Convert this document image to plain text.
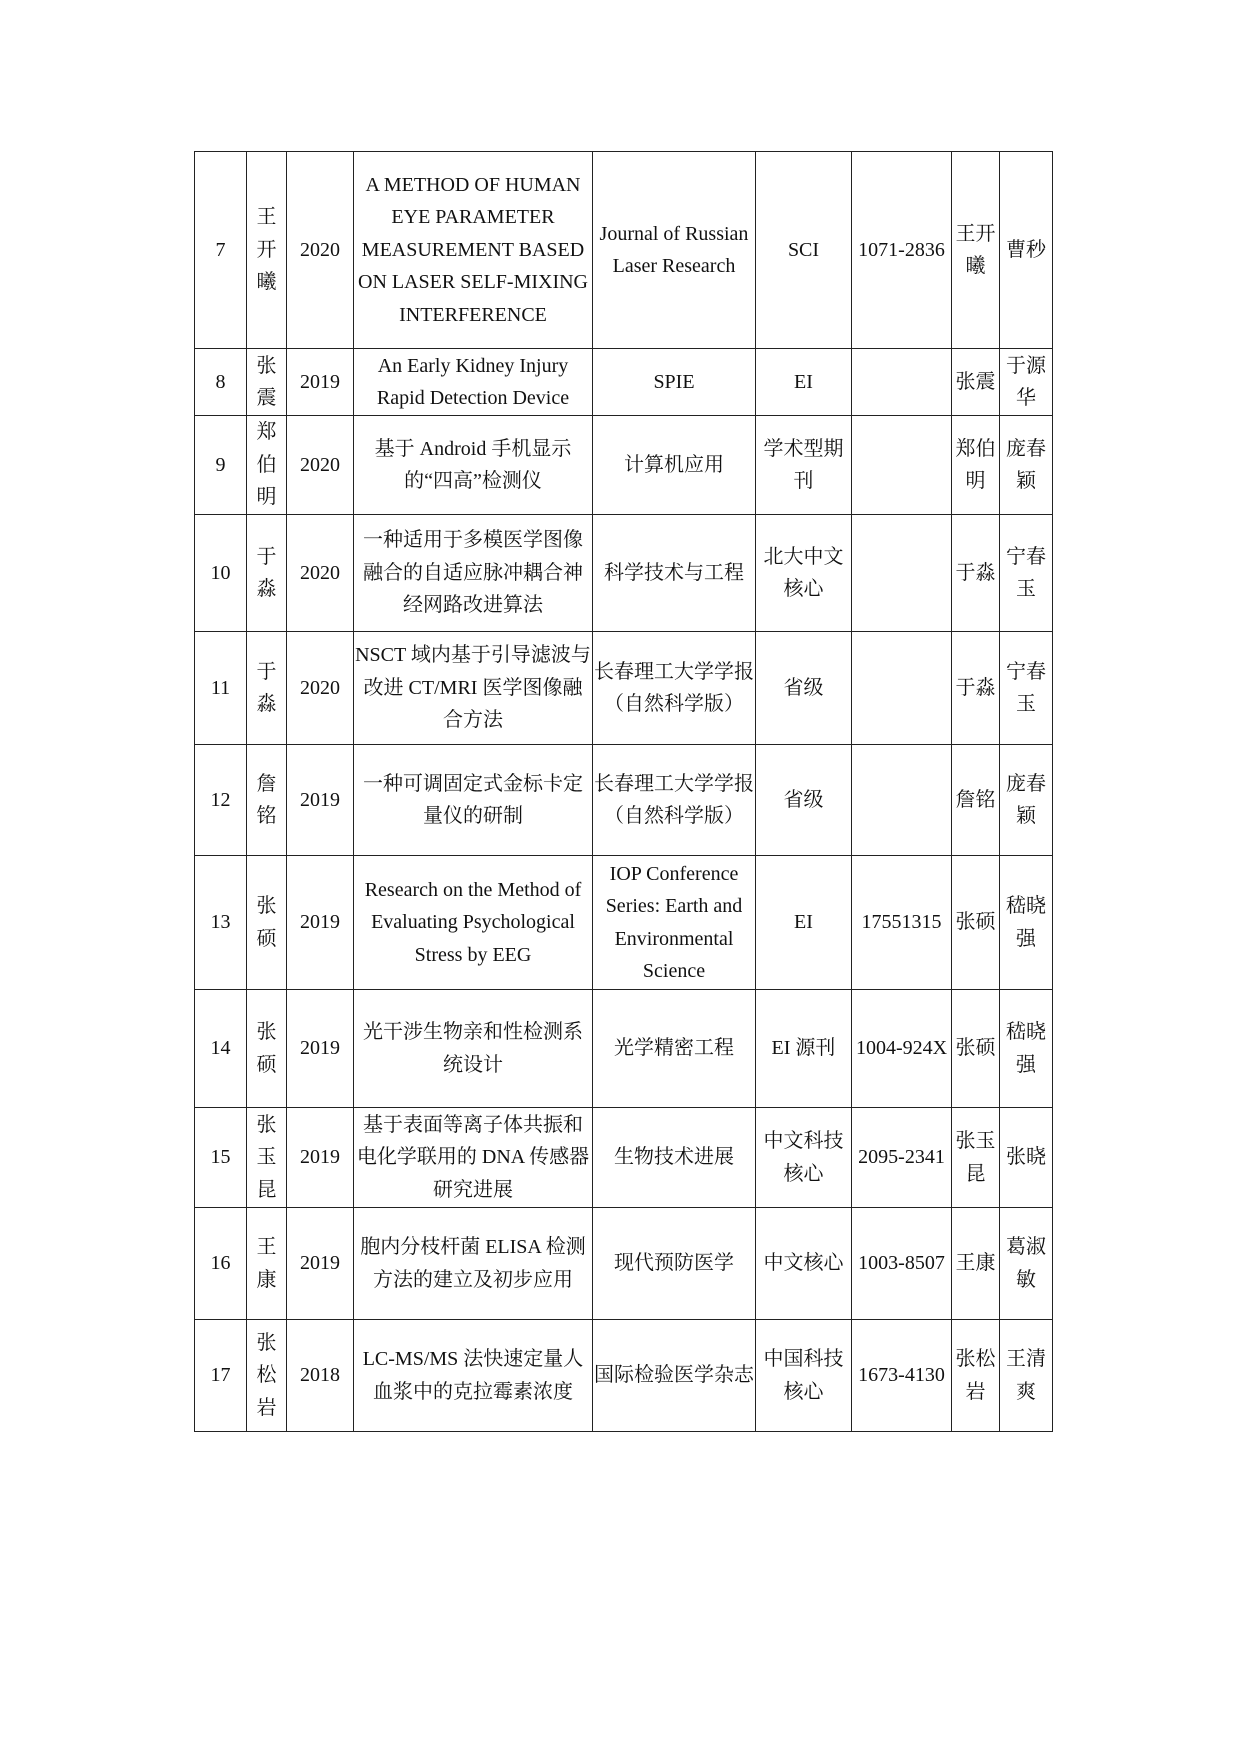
7	王开曦	2020	A METHOD OF HUMAN EYE PARAMETER MEASUREMENT BASED ON LASER SELF-MIXING INTERFERENCE	Journal of Russian Laser Research	SCI	1071-2836	王开曦	曹秒
8	张震	2019	An Early Kidney Injury Rapid Detection Device	SPIE	EI		张震	于源华
9	郑伯明	2020	基于 Android 手机显示的“四高”检测仪	计算机应用	学术型期刊		郑伯明	庞春颖
10	于淼	2020	一种适用于多模医学图像融合的自适应脉冲耦合神经网路改进算法	科学技术与工程	北大中文核心		于淼	宁春玉
11	于淼	2020	NSCT 域内基于引导滤波与改进 CT/MRI 医学图像融合方法	长春理工大学学报（自然科学版）	省级		于淼	宁春玉
12	詹铭	2019	一种可调固定式金标卡定量仪的研制	长春理工大学学报（自然科学版）	省级		詹铭	庞春颖
13	张硕	2019	Research on the Method of Evaluating Psychological Stress by EEG	IOP Conference Series: Earth and Environmental Science	EI	17551315	张硕	嵇晓强
14	张硕	2019	光干涉生物亲和性检测系统设计	光学精密工程	EI 源刊	1004-924X	张硕	嵇晓强
15	张玉昆	2019	基于表面等离子体共振和电化学联用的 DNA 传感器研究进展	生物技术进展	中文科技核心	2095-2341	张玉昆	张晓
16	王康	2019	胞内分枝杆菌 ELISA 检测方法的建立及初步应用	现代预防医学	中文核心	1003-8507	王康	葛淑敏
17	张松岩	2018	LC-MS/MS 法快速定量人血浆中的克拉霉素浓度	国际检验医学杂志	中国科技核心	1673-4130	张松岩	王清爽
